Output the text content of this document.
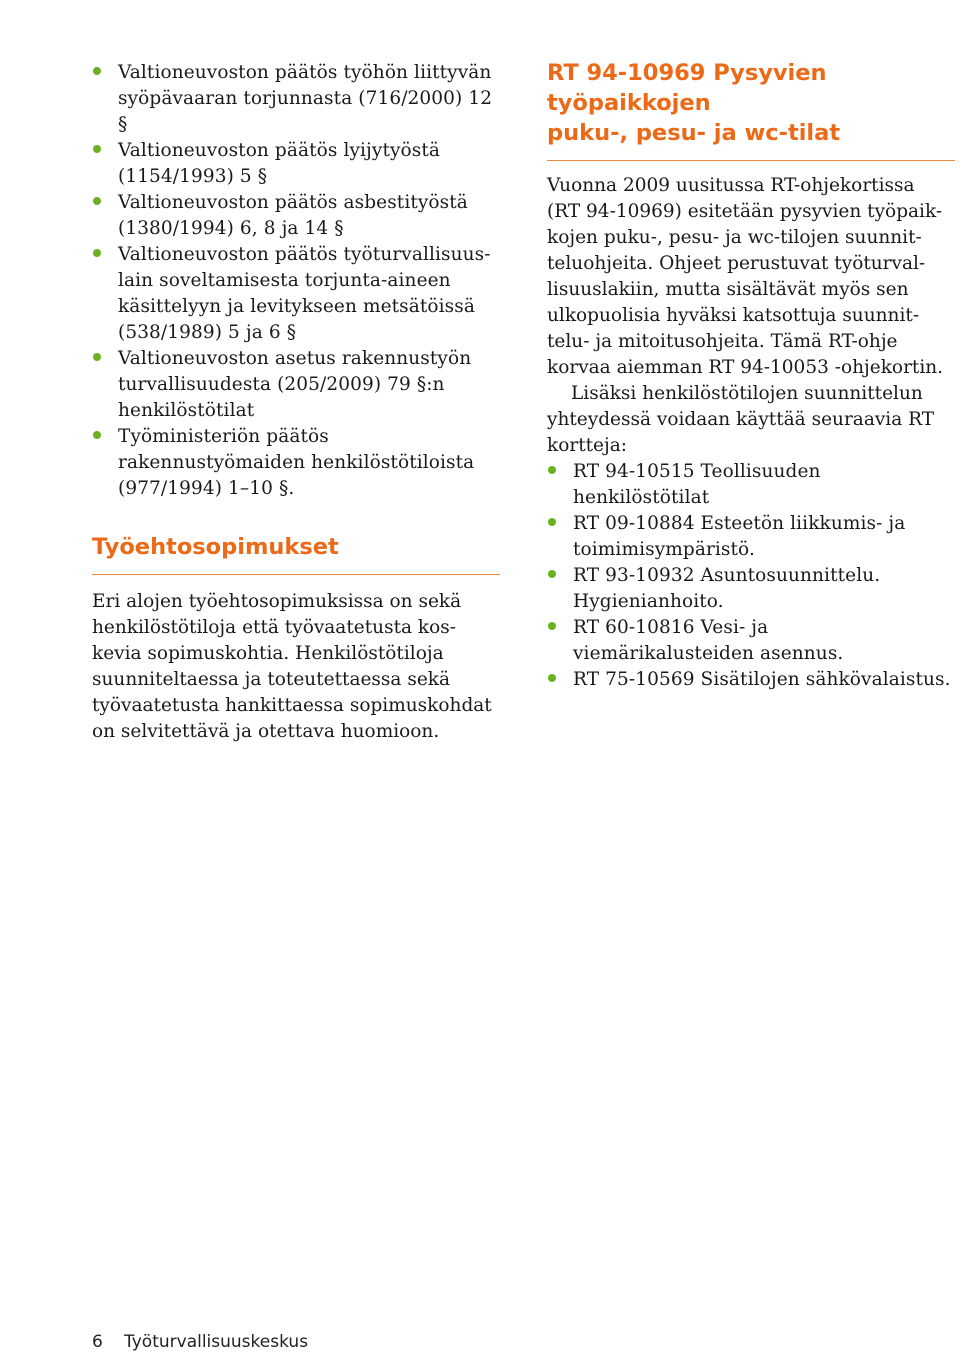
Valtioneuvoston päätös työhön liittyvän
syöpävaaran torjunnasta (716/2000) 12 §
Valtioneuvoston päätös lyijytyöstä
(1154/1993) 5 §
Valtioneuvoston päätös asbestityöstä
(1380/1994) 6, 8 ja 14 §
Valtioneuvoston päätös työturvallisuus-
lain soveltamisesta torjunta-aineen
käsittelyyn ja levitykseen metsätöissä
(538/1989) 5 ja 6 §
Valtioneuvoston asetus rakennustyön
turvallisuudesta (205/2009) 79 §:n
henkilöstötilat
Työministeriön päätös
rakennustyömaiden henkilöstötiloista
(977/1994) 1–10 §.
Työehtosopimukset

Eri alojen työehtosopimuksissa on sekä
henkilöstötiloja että työvaatetusta kos-
kevia sopimuskohtia. Henkilöstötiloja
suunniteltaessa ja toteutettaessa sekä
työvaatetusta hankittaessa sopimuskohdat
on selvitettävä ja otettava huomioon.

RT 94-10969 Pysyvien työpaikkojen
puku-, pesu- ja wc-tilat

Vuonna 2009 uusitussa RT-ohjekortissa
(RT 94-10969) esitetään pysyvien työpaik-
kojen puku-, pesu- ja wc-tilojen suunnit-
teluohjeita. Ohjeet perustuvat työturval-
lisuuslakiin, mutta sisältävät myös sen
ulkopuolisia hyväksi katsottuja suunnit-
telu- ja mitoitusohjeita. Tämä RT-ohje
korvaa aiemman RT 94-10053 -ohjekortin.

Lisäksi henkilöstötilojen suunnittelun
yhteydessä voidaan käyttää seuraavia RT
kortteja:

RT 94-10515 Teollisuuden
henkilöstötilat
RT 09-10884 Esteetön liikkumis- ja
toimimisympäristö.
RT 93-10932 Asuntosuunnittelu.
Hygienianhoito.
RT 60-10816 Vesi- ja
viemärikalusteiden asennus.
RT 75-10569 Sisätilojen sähkövalaistus.
6 Työturvallisuuskeskus
